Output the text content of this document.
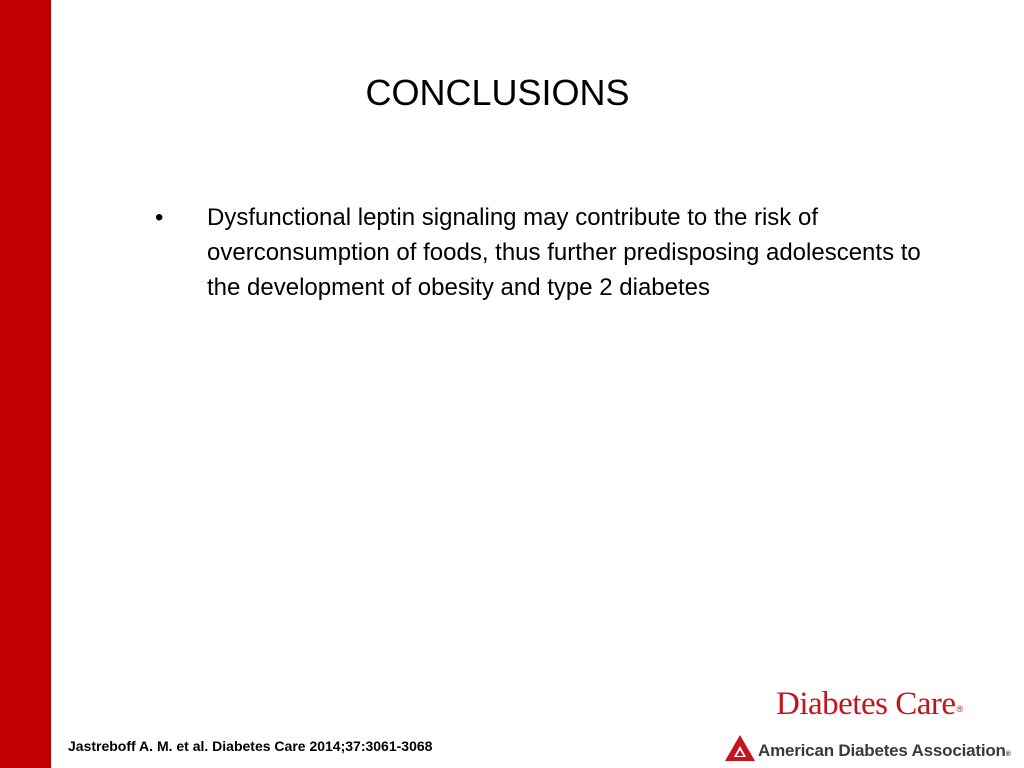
CONCLUSIONS
•	Dysfunctional leptin signaling may contribute to the risk of overconsumption of foods, thus further predisposing adolescents to the development of obesity and type 2 diabetes
Jastreboff A. M. et al. Diabetes Care 2014;37:3061-3068
Diabetes Care®
American Diabetes Association®
